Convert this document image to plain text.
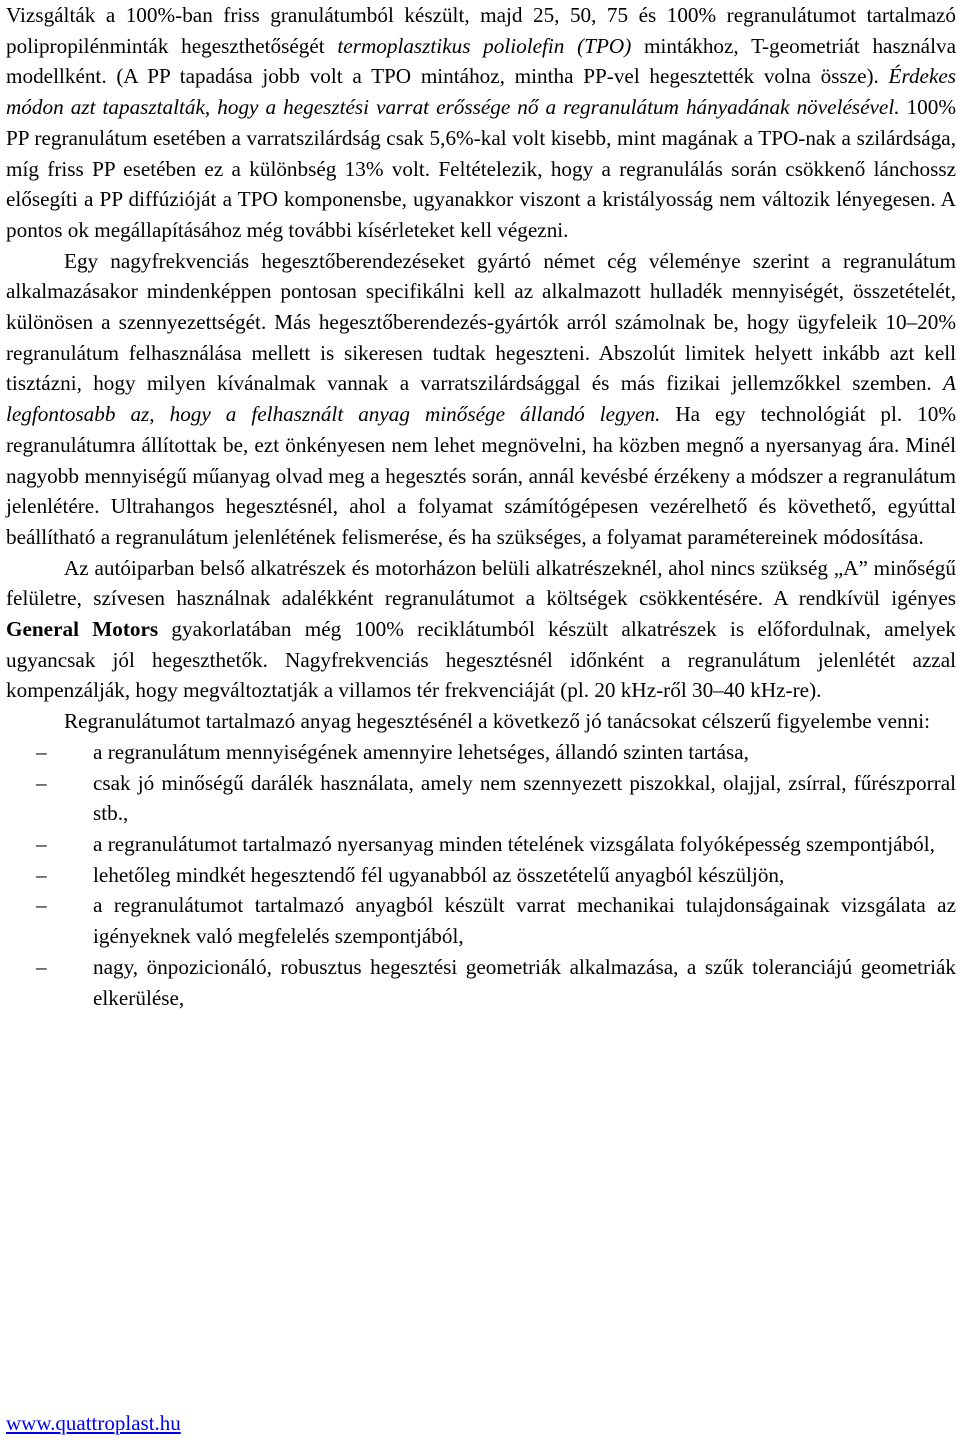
Vizsgálták a 100%-ban friss granulátumból készült, majd 25, 50, 75 és 100% regranulátumot tartalmazó polipropilénminták hegeszthetőségét termoplasztikus poliolefin (TPO) mintákhoz, T-geometriát használva modellként. (A PP tapadása jobb volt a TPO mintához, mintha PP-vel hegesztették volna össze). Érdekes módon azt tapasztalták, hogy a hegesztési varrat erőssége nő a regranulátum hányadának növelésével. 100% PP regranulátum esetében a varratszilárdság csak 5,6%-kal volt kisebb, mint magának a TPO-nak a szilárdsága, míg friss PP esetében ez a különbség 13% volt. Feltételezik, hogy a regranulálás során csökkenő lánchossz elősegíti a PP diffúzióját a TPO komponensbe, ugyanakkor viszont a kristályosság nem változik lényegesen. A pontos ok megállapításához még további kísérleteket kell végezni.

Egy nagyfrekvenciás hegesztőberendezéseket gyártó német cég véleménye szerint a regranulátum alkalmazásakor mindenképpen pontosan specifikálni kell az alkalmazott hulladék mennyiségét, összetételét, különösen a szennyezettségét. Más hegesztőberendezés-gyártók arról számolnak be, hogy ügyfeleik 10–20% regranulátum felhasználása mellett is sikeresen tudtak hegeszteni. Abszolút limitek helyett inkább azt kell tisztázni, hogy milyen kívánalmak vannak a varratszilárdsággal és más fizikai jellemzőkkel szemben. A legfontosabb az, hogy a felhasznált anyag minősége állandó legyen. Ha egy technológiát pl. 10% regranulátumra állítottak be, ezt önkényesen nem lehet megnövelni, ha közben megnő a nyersanyag ára. Minél nagyobb mennyiségű műanyag olvad meg a hegesztés során, annál kevésbé érzékeny a módszer a regranulátum jelenlétére. Ultrahangos hegesztésnél, ahol a folyamat számítógépesen vezérelhető és követhető, egyúttal beállítható a regranulátum jelenlétének felismerése, és ha szükséges, a folyamat paramétereinek módosítása.

Az autóiparban belső alkatrészek és motorházon belüli alkatrészeknél, ahol nincs szükség „A” minőségű felületre, szívesen használnak adalékként regranulátumot a költségek csökkentésére. A rendkívül igényes General Motors gyakorlatában még 100% reciklátumból készült alkatrészek is előfordulnak, amelyek ugyancsak jól hegeszthetők. Nagyfrekvenciás hegesztésnél időnként a regranulátum jelenlétét azzal kompenzálják, hogy megváltoztatják a villamos tér frekvenciáját (pl. 20 kHz-ről 30–40 kHz-re).

Regranulátumot tartalmazó anyag hegesztésénél a következő jó tanácsokat célszerű figyelembe venni:

– a regranulátum mennyiségének amennyire lehetséges, állandó szinten tartása,
– csak jó minőségű darálék használata, amely nem szennyezett piszokkal, olajjal, zsírral, fűrészporral stb.,
– a regranulátumot tartalmazó nyersanyag minden tételének vizsgálata folyóképesség szempontjából,
– lehetőleg mindkét hegesztendő fél ugyanabból az összetételű anyagból készüljön,
– a regranulátumot tartalmazó anyagból készült varrat mechanikai tulajdonságainak vizsgálata az igényeknek való megfelelés szempontjából,
– nagy, önpozicionáló, robusztus hegesztési geometriák alkalmazása, a szűk toleranciájú geometriák elkerülése,
www.quattroplast.hu
